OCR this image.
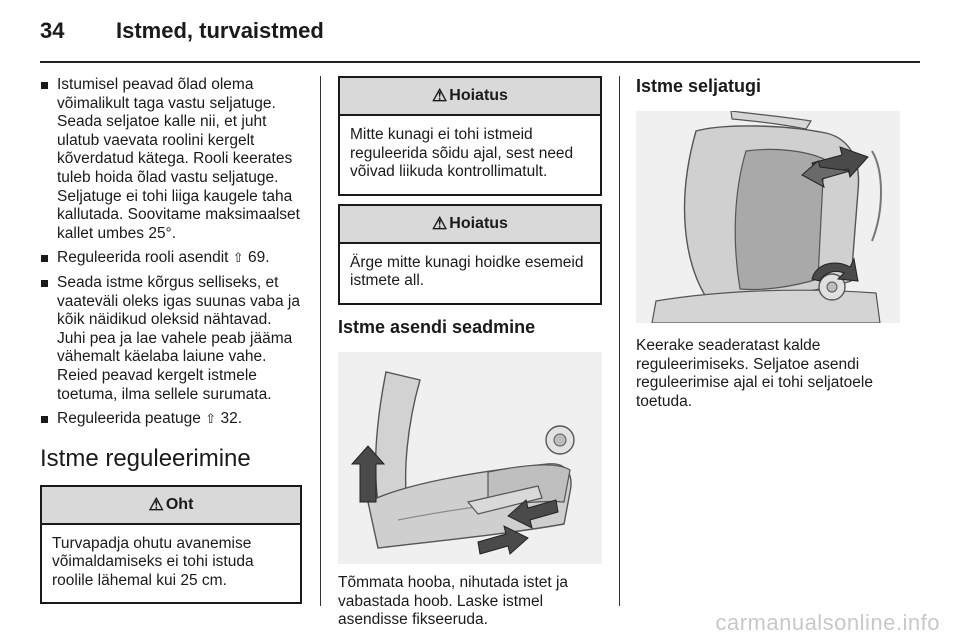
34 Istmed, turvaistmed
Istumisel peavad õlad olema võimalikult taga vastu seljatuge. Seada seljatoe kalle nii, et juht ulatub vaevata roolini kergelt kõverdatud kätega. Rooli keerates tuleb hoida õlad vastu seljatuge. Seljatuge ei tohi liiga kaugele taha kallutada. Soovitame maksimaalset kallet umbes 25°.
Reguleerida rooli asendit ⇧ 69.
Seada istme kõrgus selliseks, et vaateväli oleks igas suunas vaba ja kõik näidikud oleksid nähtavad. Juhi pea ja lae vahele peab jääma vähemalt käelaba laiune vahe. Reied peavad kergelt istmele toetuma, ilma sellele surumata.
Reguleerida peatuge ⇧ 32.
Istme reguleerimine
⚠ Oht
Turvapadja ohutu avanemise võimaldamiseks ei tohi istuda roolile lähemal kui 25 cm.
⚠ Hoiatus
Mitte kunagi ei tohi istmeid reguleerida sõidu ajal, sest need võivad liikuda kontrollimatult.
⚠ Hoiatus
Ärge mitte kunagi hoidke esemeid istmete all.
Istme asendi seadmine

Tõmmata hooba, nihutada istet ja vabastada hoob. Laske istmel asendisse fikseeruda.

Istme seljatugi

Keerake seaderatast kalde reguleerimiseks. Seljatoe asendi reguleerimise ajal ei tohi seljatoele toetuda.

carmanualsonline.info
